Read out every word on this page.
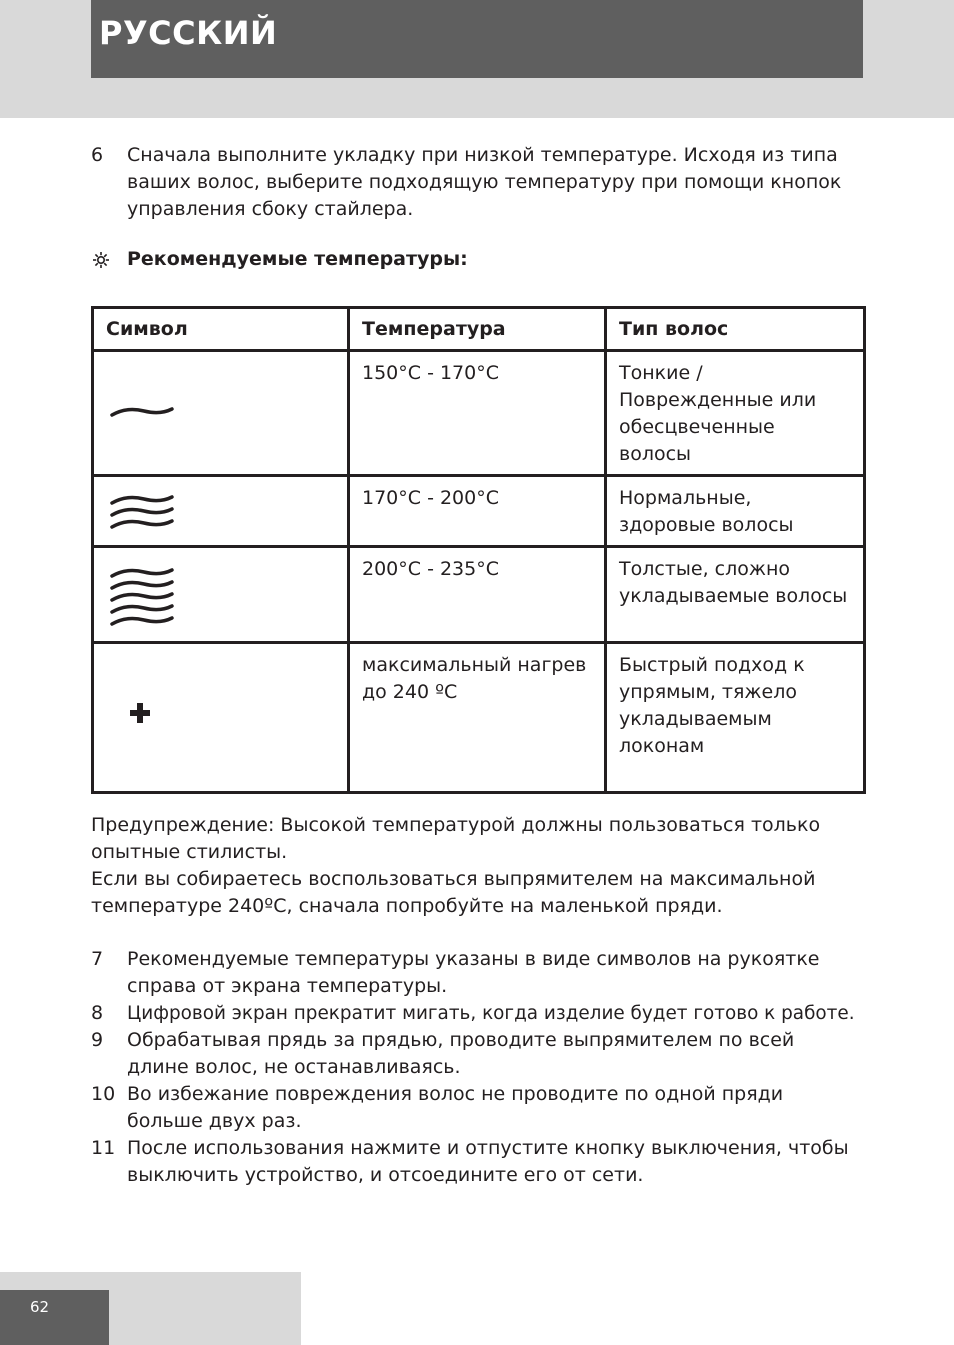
РУССКИЙ
6 Сначала выполните укладку при низкой температуре. Исходя из типа ваших волос, выберите подходящую температуру при помощи кнопок управления сбоку стайлера.
Рекомендуемые температуры:
Символ	Температура	Тип волос

	150°C - 170°C	Тонкие / Поврежденные или обесцвеченные волосы

	170°C - 200°C	Нормальные, здоровые волосы

	200°C - 235°C	Толстые, сложно укладываемые волосы

	максимальный нагрев до 240 ºC	Быстрый подход к упрямым, тяжело укладываемым локонам
Предупреждение: Высокой температурой должны пользоваться только опытные стилисты.
Если вы собираетесь воспользоваться выпрямителем на максимальной температуре 240ºC, сначала попробуйте на маленькой пряди.
7 Рекомендуемые температуры указаны в виде символов на рукоятке справа от экрана температуры.
8 Цифровой экран прекратит мигать, когда изделие будет готово к работе.
9 Обрабатывая прядь за прядью, проводите выпрямителем по всей длине волос, не останавливаясь.
10 Во избежание повреждения волос не проводите по одной пряди больше двух раз.
11 После использования нажмите и отпустите кнопку выключения, чтобы выключить устройство, и отсоедините его от сети.
62
